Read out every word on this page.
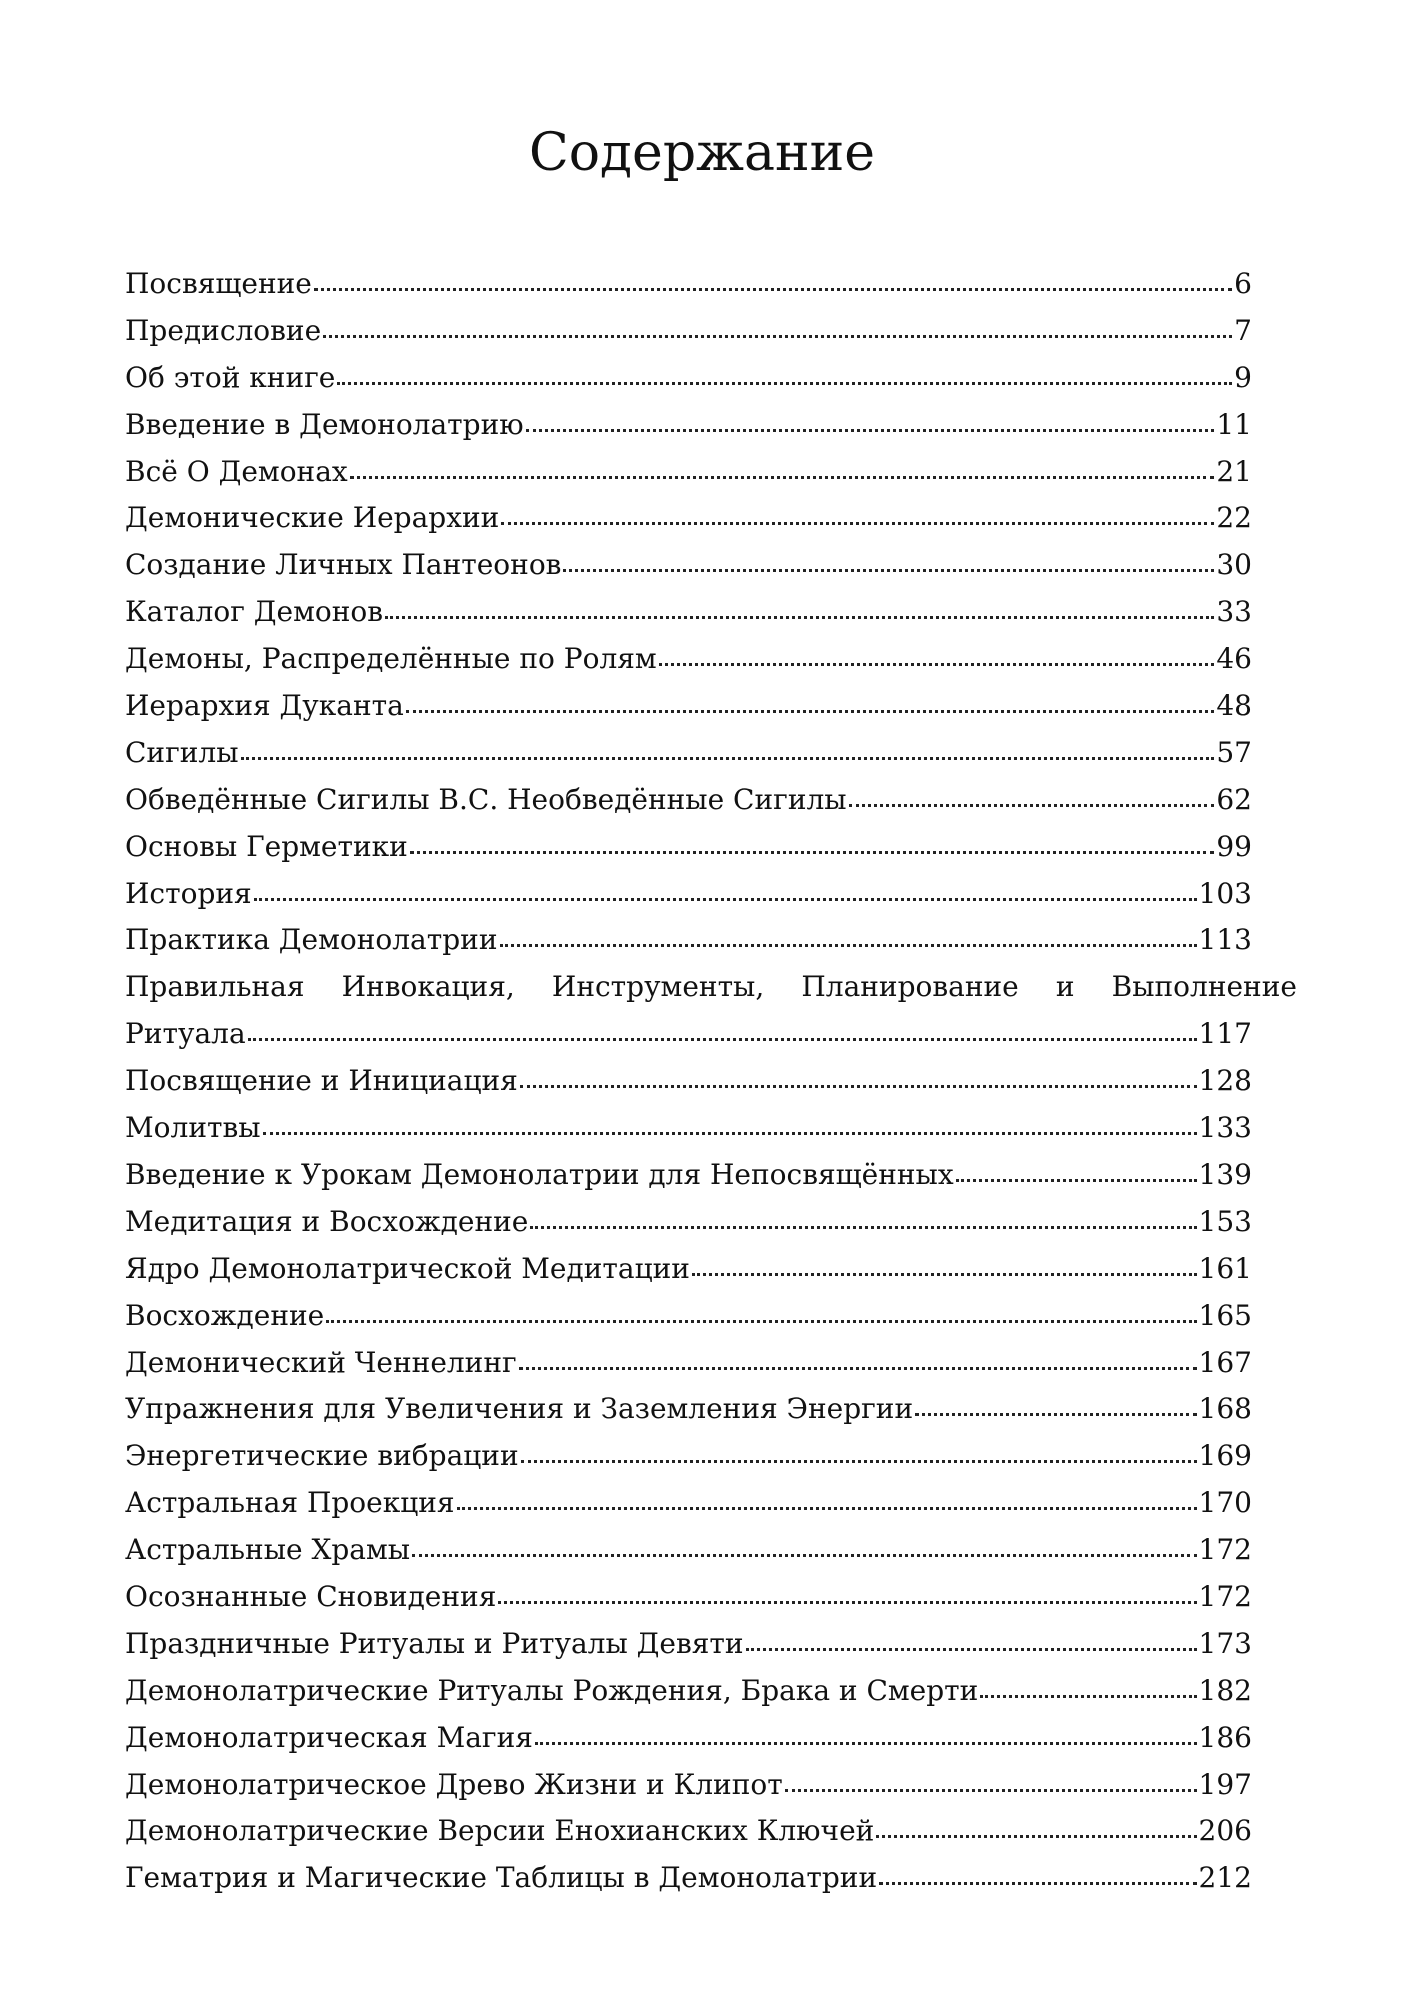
Содержание
Посвящение	6
Предисловие	7
Об этой книге	9
Введение в Демонолатрию	11
Всё О Демонах	21
Демонические Иерархии	22
Создание Личных Пантеонов	30
Каталог Демонов	33
Демоны, Распределённые по Ролям	46
Иерархия Дуканта	48
Сигилы	57
Обведённые Сигилы В.С. Необведённые Сигилы	62
Основы Герметики	99
История	103
Практика Демонолатрии	113
Правильная Инвокация, Инструменты, Планирование и Выполнение
Ритуала	117
Посвящение и Инициация	128
Молитвы	133
Введение к Урокам Демонолатрии для Непосвящённых	139
Медитация и Восхождение	153
Ядро Демонолатрической Медитации	161
Восхождение	165
Демонический Ченнелинг	167
Упражнения для Увеличения и Заземления Энергии	168
Энергетические вибрации	169
Астральная Проекция	170
Астральные Храмы	172
Осознанные Сновидения	172
Праздничные Ритуалы и Ритуалы Девяти	173
Демонолатрические Ритуалы Рождения, Брака и Смерти	182
Демонолатрическая Магия	186
Демонолатрическое Древо Жизни и Клипот	197
Демонолатрические Версии Енохианских Ключей	206
Гематрия и Магические Таблицы в Демонолатрии	212
